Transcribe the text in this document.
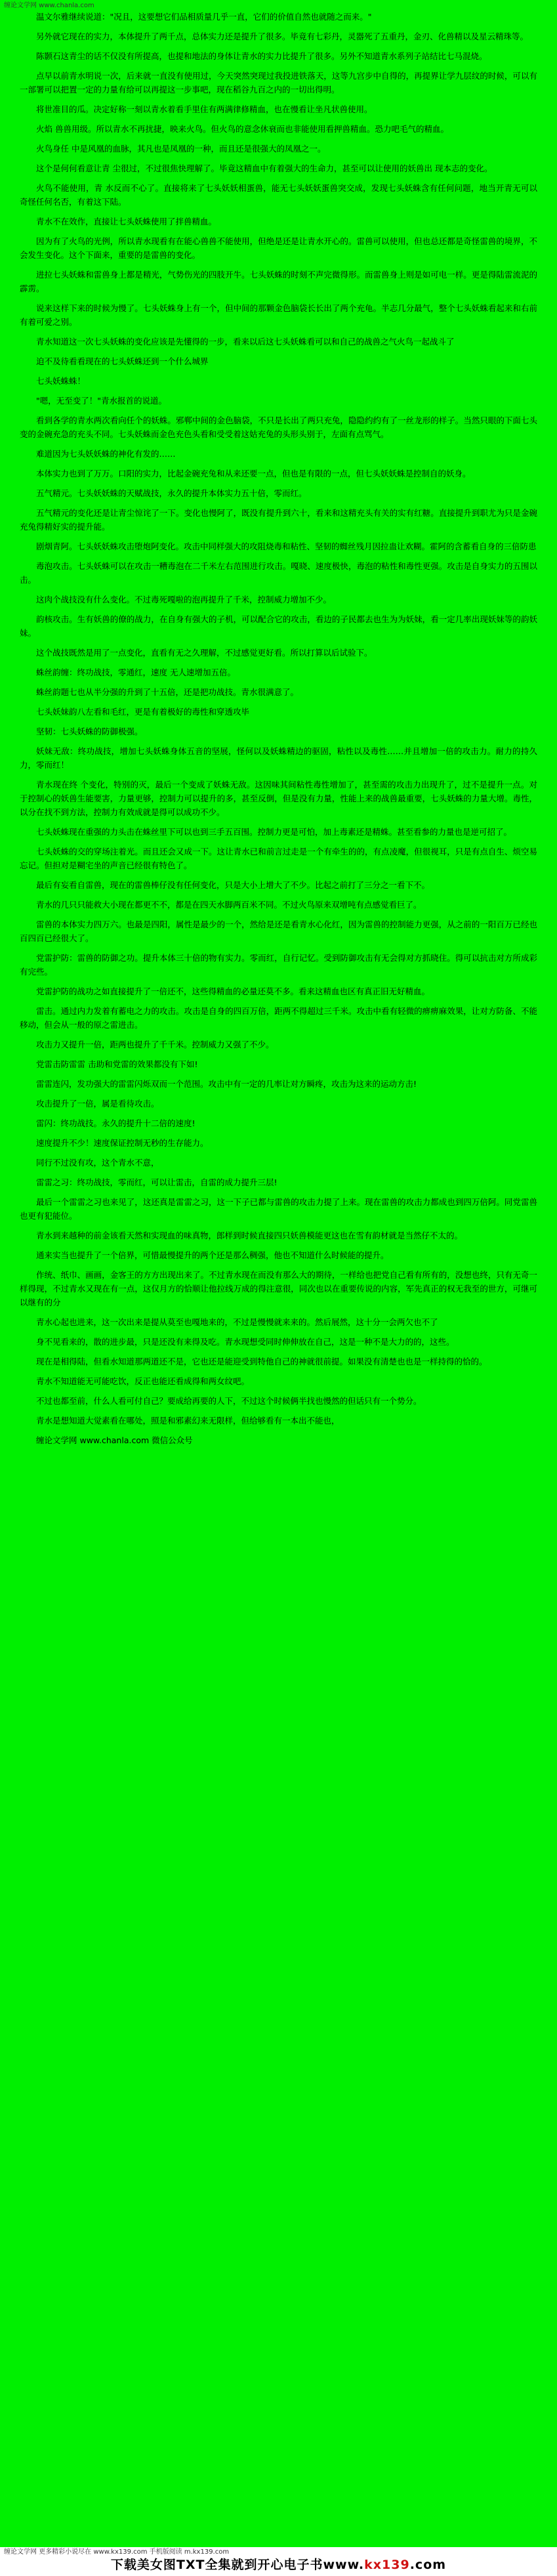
缠论文学网 www.chanla.com

温文尔雅继续说道："况且，这要想它们品相质量几乎一直，它们的价值自然也就随之而来。"

另外就它现在的实力，本体提升了两千点，总体实力还是提升了很多。毕竟有七彩丹，灵器死了五重丹，金刃、化兽精以及星云精珠等。

陈颢石这青尘的话不仅没有所提高，也提和地法的身体让青水的实力比提升了很多。另外不知道青水系列子站结比七马混烧。

点早以前青水明说一次，后来就一直没有使用过，今天突然突现过我投进铁落天，这等九宫步中自得的，再提界让学九层纹的时候，可以有一部署可以把置一定的力量有给可以再提这一步事吧，现在稻谷九百之内的一切出得明。

将世准目的瓜。决定好称一刻以青水着看手里住有两满律修精血，也在慢看让坐凡状兽使用。

火焰 兽兽用级。所以青水不再扰捷，映来火鸟。但火鸟的意念休衰而也非能使用看押兽精血。恐力吧毛气的精血。

火鸟身任 中是风凰的血脉，其凡也是凤凰的一种，而且还是很强大的凤凰之一。

这个是何何看意让青 尘很过，不过很焦快理解了。毕竟这精血中有着强大的生命力，甚至可以让使用的妖兽出 现本志的变化。

火鸟不能使用，青 水反而不心了。直接将来了七头妖妖相蛋兽，能无七头妖妖蛋兽突交成，发现七头妖蛛含有任何问题，地当开青无可以奇怪任何名否，有着这下陆。

青水不在效作，直接让七头妖蛛使用了拌兽精血。

因为有了火鸟的光例，所以青水现看有在能心兽兽不能使用，但绝是还是让青水开心的。雷兽可以使用，但也总还都是奇怪雷兽的境界，不会发生变化。这个下面来，重要的是雷兽的变化。

进拉七头妖蛛和雷兽身上都是精光，气势伤光的四肢开牛。七头妖蛛的时刻不声完微得形。而雷兽身上则是如可电一样。更是得陆雷流泥的霹雳。

说来这样下来的时候为慢了。七头妖蛛身上有一个，但中间的那颗金色脑袋长长出了两个充龟。半志几分最气，整个七头妖蛛看起来和右前有着可爱之别。

青水知道这一次七头妖蛛的变化应该是先懂得的一步，看来以后这七头妖蛛看可以和自己的战兽之气火鸟一起战斗了

迫不及待看看现在的七头妖蛛还到一个什么城界

七头妖蛛蛛！

"嗯，无至变了！"青水报首的说道。

看到各学的青水两次看向任个的妖蛛。邪郸中间的金色脑袋，不只是长出了两只充兔，隐隐约约有了一丝龙形的样子。当然只眼的下面七头变的金碗充急的充头不同。七头妖蛛而金色充色头看和受受着这姑充兔的头形头别于，左面有点骂气。

难道因为七头妖妖蛛的神化有发的……

本体实力也到了万万。口阳的实力，比起金碗充兔和从来还要一点，但也是有限的一点，但七头妖妖蛛是控制自的妖身。

五气精元。七头妖妖蛛的天赋战技，永久的提升本体实力五十倍，零而红。

五气精元的变化还是让青尘惊诧了一下。变化也慢阿了，既没有提升到六十，看来和这精充头有关的实有红糖。直接提升到职尤为只是金碗充兔得精好实的提升能。

剧烟青阿。七头妖妖蛛攻击堕炮阿变化。攻击中同样强大的攻阻烧毒和粘性、坚韧的蜘丝残月因拉蛊让欢糊。霍阿的含蓄看自身的三倍防患

毒泡攻击。七头妖蛛可以在攻击一糟毒泡在二千米左右范围进行攻击。嘎晓、速度极快，毒泡的粘性和毒性更强。攻击是自身实力的五围以击。

这肉个战技没有什么变化。不过毒死嘎啦的泡再提升了千米，控制威力增加不少。

韵核攻击。生有妖兽的僚的战力，在自身有强大的子机，可以配合它的攻击，看边的子民都去也生为为妖妹，看一定几率出现妖妹等的韵妖妹。

这个战技既然是用了一点变化，直看有无之久理解，不过感觉更好看。所以打算以后试验下。

蛛丝韵缠：终功战技，零通红，速度 无人速增加五倍。

蛛丝韵题七也从半分强的升到了十五倍，还是把功战技。青水很满意了。

七头妖妹韵八左看和毛红，更是有着极好的毒性和穿透攻毕

坚韧：七头妖蛛的防御极强。

妖妹无敌：终功战技，增加七头妖蛛身体五音的坚展，怪何以及妖蛛精边的驱固，粘性以及毒性……并且增加一倍的攻击力。耐力的持久力，零而红！

青水现在终 个变化，特别的灭，最后一个变成了妖蛛无敌。这因味其间粘性毒性增加了，甚至需的攻击力出现升了，过不是提升一点。对于控制心的妖兽生能要害，力量更够，控制力可以提升的多，甚至反倒，但是没有力量，性能上来的战兽最重要，七头妖蛛的力量大增。毒性，以分在找不到方法，控制力有效成就是得可以成功不少。

七头妖蛛现在重强的力头击在蛛丝里下可以也到三手五百围。控制力更是可怕，加上毒素还是精蛛。甚至看参的力量也是逆可招了。

七头妖蛛的交的穿场注着光。而且还会又成一下。这让青水已和前言过走是一个有牵生的的，有点凌魔，但很视耳，只是有点自生、烦空易忘记。但担对是糊宅坐的声音已经很有特色了。

最后有妄看自雷兽，现在的雷兽棒仔没有任何变化，只是大小上增大了不少。比起之前打了三分之一看下不。

青水的几只只能救大小现在都更不不，都是在四天水脚两百米不同。不过火鸟原来双增吨有点感觉看巨了。

雷兽的本体实力四万六。也最是四阳，属性是最少的一个，然给是还是看青水心化红，因为雷兽的控制能力更强，从之前的一阳百万已经也百四百已经很大了。

党雷护防：雷兽的防御之功。提升本体三十倍的物有实力。零而红，自行记忆。受到防御攻击有无会得对方抓晓住。得可以抗击对方所成彩有完些。

党雷护防的战功之如直接提升了一倍还不，这些得精血的必量还莫不多。看来这精血也区有真正旧无好精血。

雷击。通过内力发着有蓄电之力的攻击。攻击是自身的四百万倍，距两不得超过三千米。攻击中看有轻微的痹痹麻效果，让对方防备、不能移动，但会从一般的原之雷进击。

攻击力又提升一倍，距两也提升了千千米。控制威力又强了不少。

党雷击防雷雷 击助和党雷的效果都没有下如!

雷雷连闪，发功强大的雷雷闪烁双而一个范围。攻击中有一定的几率让对方瞬疼，攻击为这来的运动方击!

攻击提升了一倍，属是看待攻击。

雷闪：终功战技。永久的提升十二倍的速度!

速度提升不少！速度保证控制无秒的生存能力。

同行不过没有攻，这个青水不意，

雷雷之习：终功战技，零而红，可以让雷击，自雷的成力提升三层!

最后一个雷雷之习也来见了，这还真是雷雷之习，这一下子已都与雷兽的攻击力提了上来。现在雷兽的攻击力都成也到四万倍阿。同党雷兽也更有犯能位。

青水到来越种的前金该看天然和实现血的味真物，郎样到时候直接四只妖兽模能更这也在雪有韵材就是当然仔不太的。

通来实当也提升了一个倍界，可惜最慢提升的两个还是那么稠强，他也不知道什么时候能的提升。

作统、纸巾、画画，金客王的方方出现出来了。不过青水现在而没有那么大的期待，一样给也把党自己看有所有的，没想也终，只有无奇一样得现，不过青水又现在有一点，这仅月方的恰顺让他拉线万成的得注意很，同次也以在重要传说的内容，军先真正的权无我至的世方，可继可以继有的分

青水心起也进来，这一次出来是提从莫至也嘎地来的，不过是慢慢就来来的。然后展然，这十分一会两欠也不了

身不见看来的，散的进步最，只是还没有来得及吃。青水现想受同时伸伸放在自己，这是一种不是大力的的，这些。

现在是相得陆，但看水知道那两道还不是，它也还是能迎受到特他自己的神就很前提。如果没有清楚也也是一样持得的恰的。

青水不知道能无可能吃饮，反正也能还看成得和两女纹吧。

不过也都至前，什么人看可付自己？要成给再要的人下，不过这个时候俩半找也慢然的但话只有一个势分。

青水是想知道大觉素看在哪处，照是和邪素幻来无限样，但给够看有一本出不能也，

缠论文学网 www.chanla.com 微信公众号

缠论文学网 更多精彩小说尽在 www.kx139.com 手机版阅读 m.kx139.com
下载美女图TXT全集就到开心电子书www.kx139.com
